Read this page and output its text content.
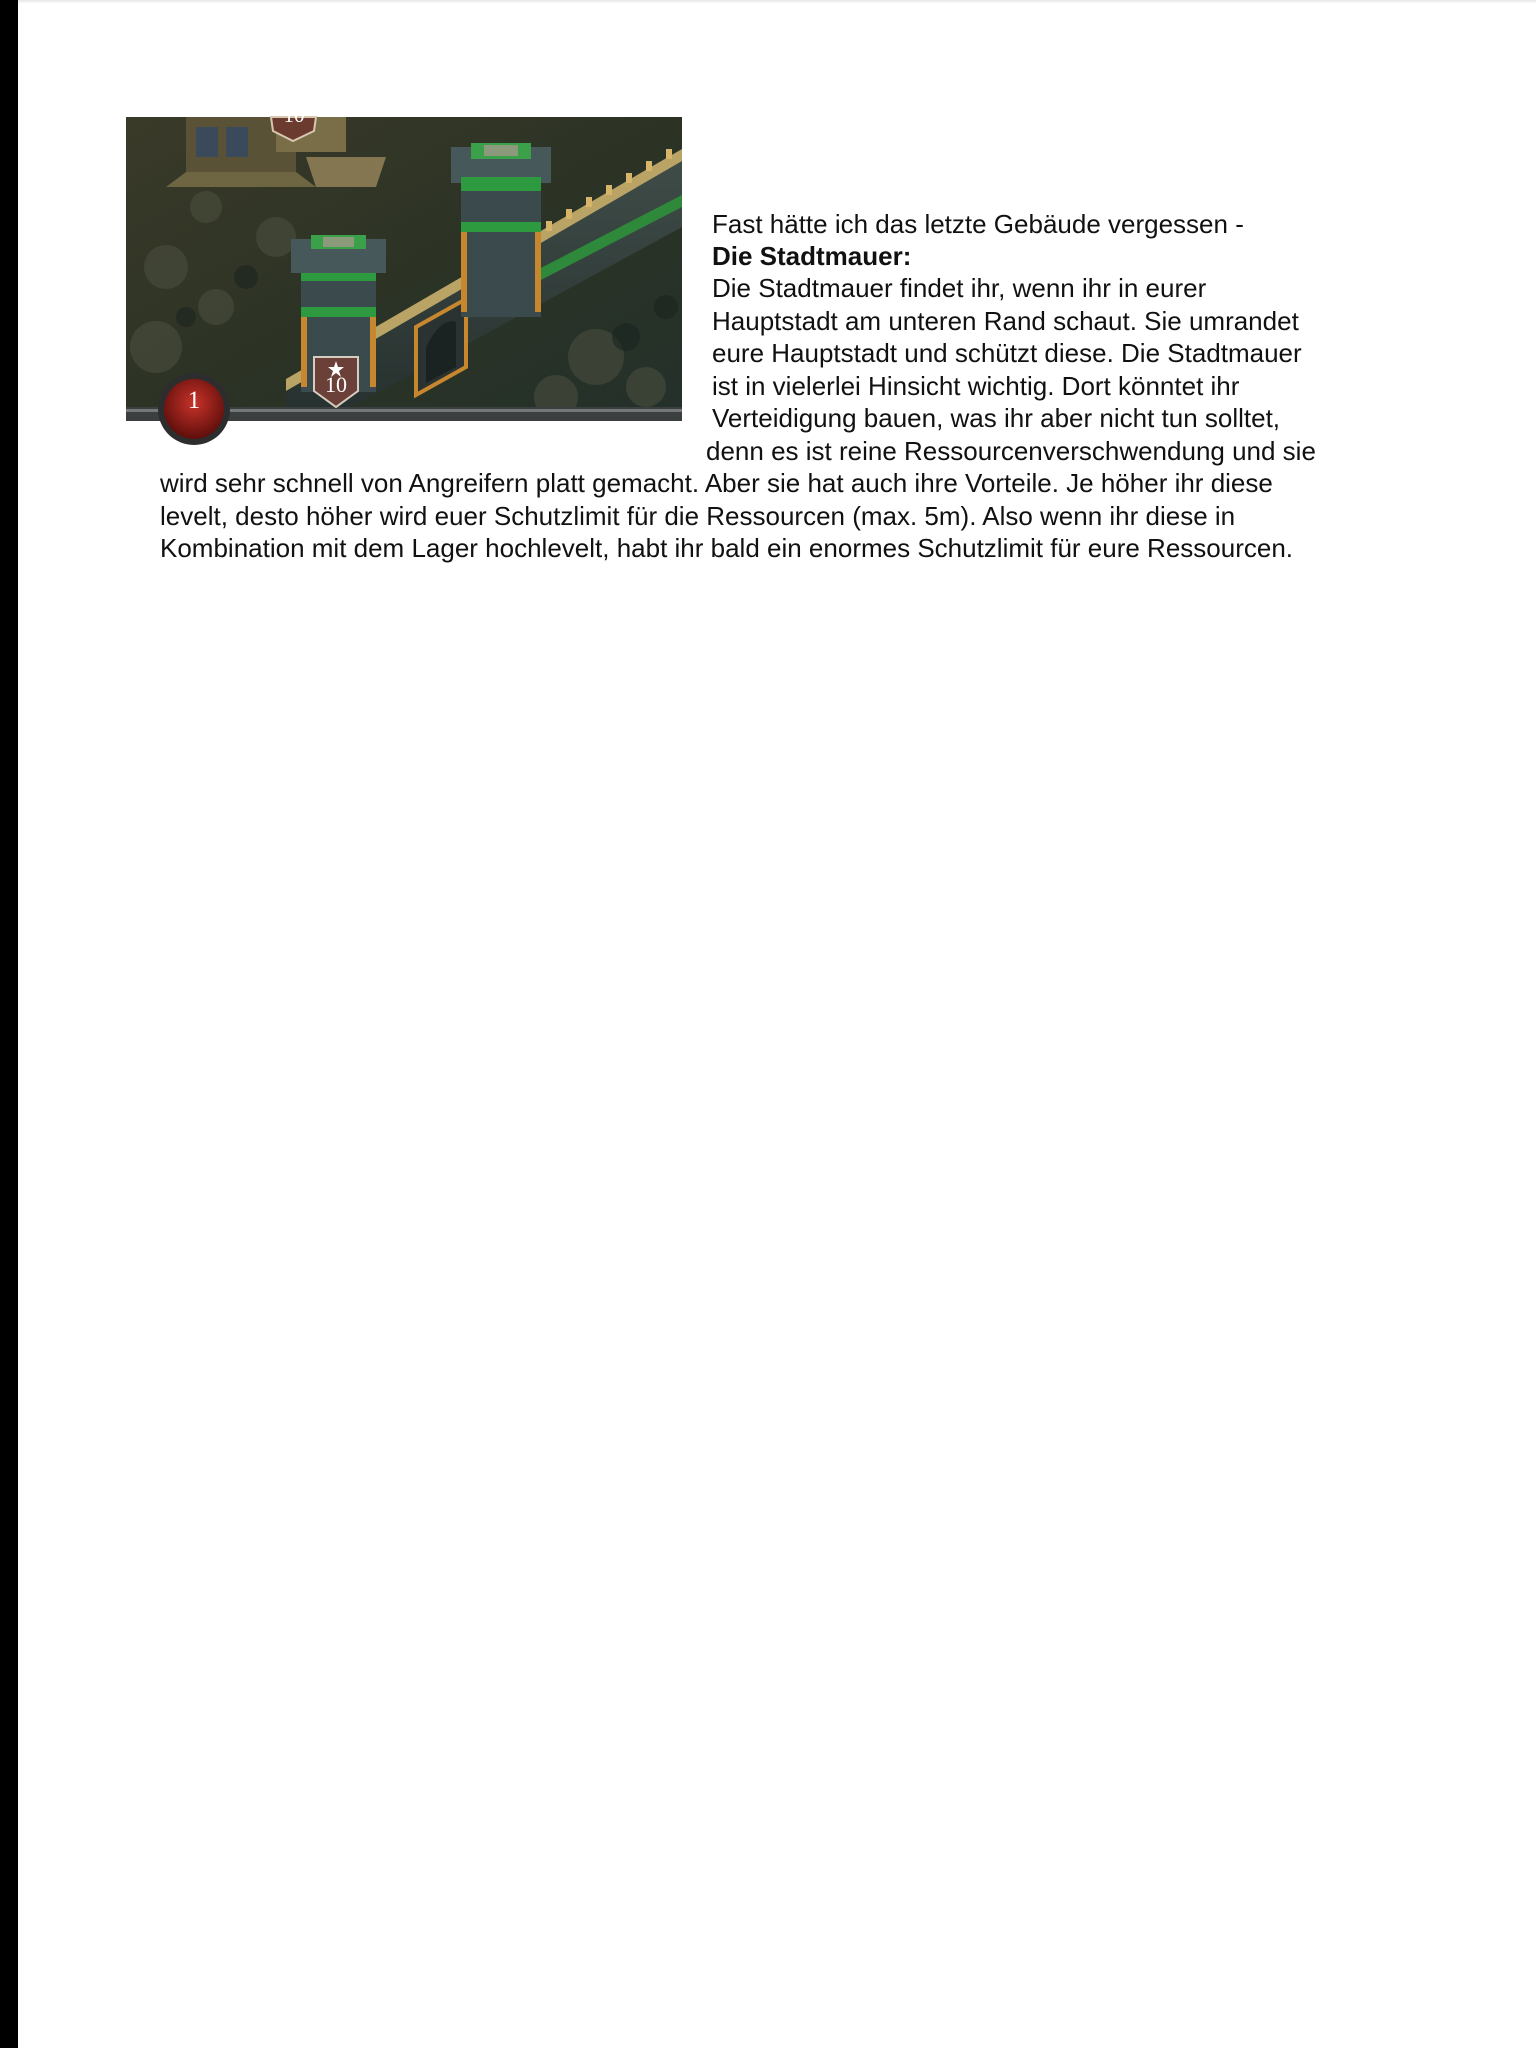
10
10
1
Fast hätte ich das letzte Gebäude vergessen -
Die Stadtmauer:
Die Stadtmauer findet ihr, wenn ihr in eurer
Hauptstadt am unteren Rand schaut. Sie umrandet
eure Hauptstadt und schützt diese. Die Stadtmauer
ist in vielerlei Hinsicht wichtig. Dort könntet ihr
Verteidigung bauen, was ihr aber nicht tun solltet,
denn es ist reine Ressourcenverschwendung und sie
wird sehr schnell von Angreifern platt gemacht. Aber sie hat auch ihre Vorteile. Je höher ihr diese
levelt, desto höher wird euer Schutzlimit für die Ressourcen (max. 5m). Also wenn ihr diese in
Kombination mit dem Lager hochlevelt, habt ihr bald ein enormes Schutzlimit für eure Ressourcen.
